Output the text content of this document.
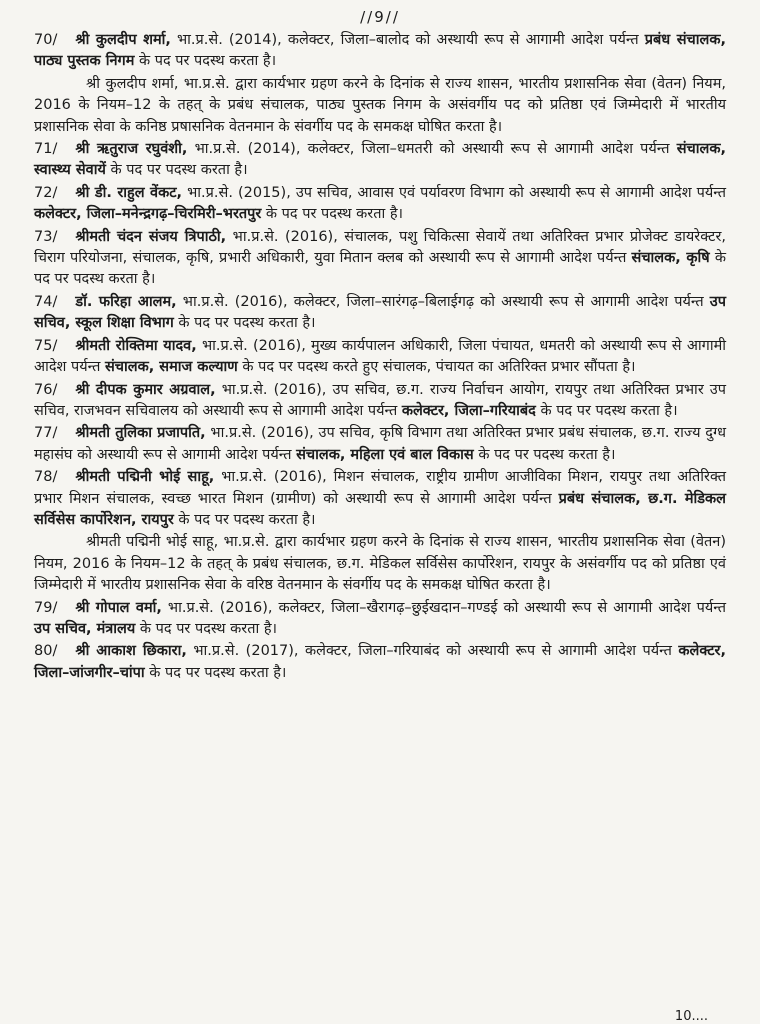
//9//

70/ श्री कुलदीप शर्मा, भा.प्र.से. (2014), कलेक्टर, जिला–बालोद को अस्थायी रूप से आगामी आदेश पर्यन्त प्रबंध संचालक, पाठ्य पुस्तक निगम के पद पर पदस्थ करता है।

श्री कुलदीप शर्मा, भा.प्र.से. द्वारा कार्यभार ग्रहण करने के दिनांक से राज्य शासन, भारतीय प्रशासनिक सेवा (वेतन) नियम, 2016 के नियम–12 के तहत् के प्रबंध संचालक, पाठ्य पुस्तक निगम के असंवर्गीय पद को प्रतिष्ठा एवं जिम्मेदारी में भारतीय प्रशासनिक सेवा के कनिष्ठ प्रषासनिक वेतनमान के संवर्गीय पद के समकक्ष घोषित करता है।

71/ श्री ऋतुराज रघुवंशी, भा.प्र.से. (2014), कलेक्टर, जिला–धमतरी को अस्थायी रूप से आगामी आदेश पर्यन्त संचालक, स्वास्थ्य सेवायें के पद पर पदस्थ करता है।

72/ श्री डी. राहुल वेंकट, भा.प्र.से. (2015), उप सचिव, आवास एवं पर्यावरण विभाग को अस्थायी रूप से आगामी आदेश पर्यन्त कलेक्टर, जिला–मनेन्द्रगढ़–चिरमिरी–भरतपुर के पद पर पदस्थ करता है।

73/ श्रीमती चंदन संजय त्रिपाठी, भा.प्र.से. (2016), संचालक, पशु चिकित्सा सेवायें तथा अतिरिक्त प्रभार प्रोजेक्ट डायरेक्टर, चिराग परियोजना, संचालक, कृषि, प्रभारी अधिकारी, युवा मितान क्लब को अस्थायी रूप से आगामी आदेश पर्यन्त संचालक, कृषि के पद पर पदस्थ करता है।

74/ डॉ. फरिहा आलम, भा.प्र.से. (2016), कलेक्टर, जिला–सारंगढ़–बिलाईगढ़ को अस्थायी रूप से आगामी आदेश पर्यन्त उप सचिव, स्कूल शिक्षा विभाग के पद पर पदस्थ करता है।

75/ श्रीमती रोक्तिमा यादव, भा.प्र.से. (2016), मुख्य कार्यपालन अधिकारी, जिला पंचायत, धमतरी को अस्थायी रूप से आगामी आदेश पर्यन्त संचालक, समाज कल्याण के पद पर पदस्थ करते हुए संचालक, पंचायत का अतिरिक्त प्रभार सौंपता है।

76/ श्री दीपक कुमार अग्रवाल, भा.प्र.से. (2016), उप सचिव, छ.ग. राज्य निर्वाचन आयोग, रायपुर तथा अतिरिक्त प्रभार उप सचिव, राजभवन सचिवालय को अस्थायी रूप से आगामी आदेश पर्यन्त कलेक्टर, जिला–गरियाबंद के पद पर पदस्थ करता है।

77/ श्रीमती तुलिका प्रजापति, भा.प्र.से. (2016), उप सचिव, कृषि विभाग तथा अतिरिक्त प्रभार प्रबंध संचालक, छ.ग. राज्य दुग्ध महासंघ को अस्थायी रूप से आगामी आदेश पर्यन्त संचालक, महिला एवं बाल विकास के पद पर पदस्थ करता है।

78/ श्रीमती पद्मिनी भोई साहू, भा.प्र.से. (2016), मिशन संचालक, राष्ट्रीय ग्रामीण आजीविका मिशन, रायपुर तथा अतिरिक्त प्रभार मिशन संचालक, स्वच्छ भारत मिशन (ग्रामीण) को अस्थायी रूप से आगामी आदेश पर्यन्त प्रबंध संचालक, छ.ग. मेडिकल सर्विसेस कार्पोरेशन, रायपुर के पद पर पदस्थ करता है।

श्रीमती पद्मिनी भोई साहू, भा.प्र.से. द्वारा कार्यभार ग्रहण करने के दिनांक से राज्य शासन, भारतीय प्रशासनिक सेवा (वेतन) नियम, 2016 के नियम–12 के तहत् के प्रबंध संचालक, छ.ग. मेडिकल सर्विसेस कार्पोरेशन, रायपुर के असंवर्गीय पद को प्रतिष्ठा एवं जिम्मेदारी में भारतीय प्रशासनिक सेवा के वरिष्ठ वेतनमान के संवर्गीय पद के समकक्ष घोषित करता है।

79/ श्री गोपाल वर्मा, भा.प्र.से. (2016), कलेक्टर, जिला–खैरागढ़–छुईखदान–गण्डई को अस्थायी रूप से आगामी आदेश पर्यन्त उप सचिव, मंत्रालय के पद पर पदस्थ करता है।

80/ श्री आकाश छिकारा, भा.प्र.से. (2017), कलेक्टर, जिला–गरियाबंद को अस्थायी रूप से आगामी आदेश पर्यन्त कलेक्टर, जिला–जांजगीर–चांपा के पद पर पदस्थ करता है।

10....
